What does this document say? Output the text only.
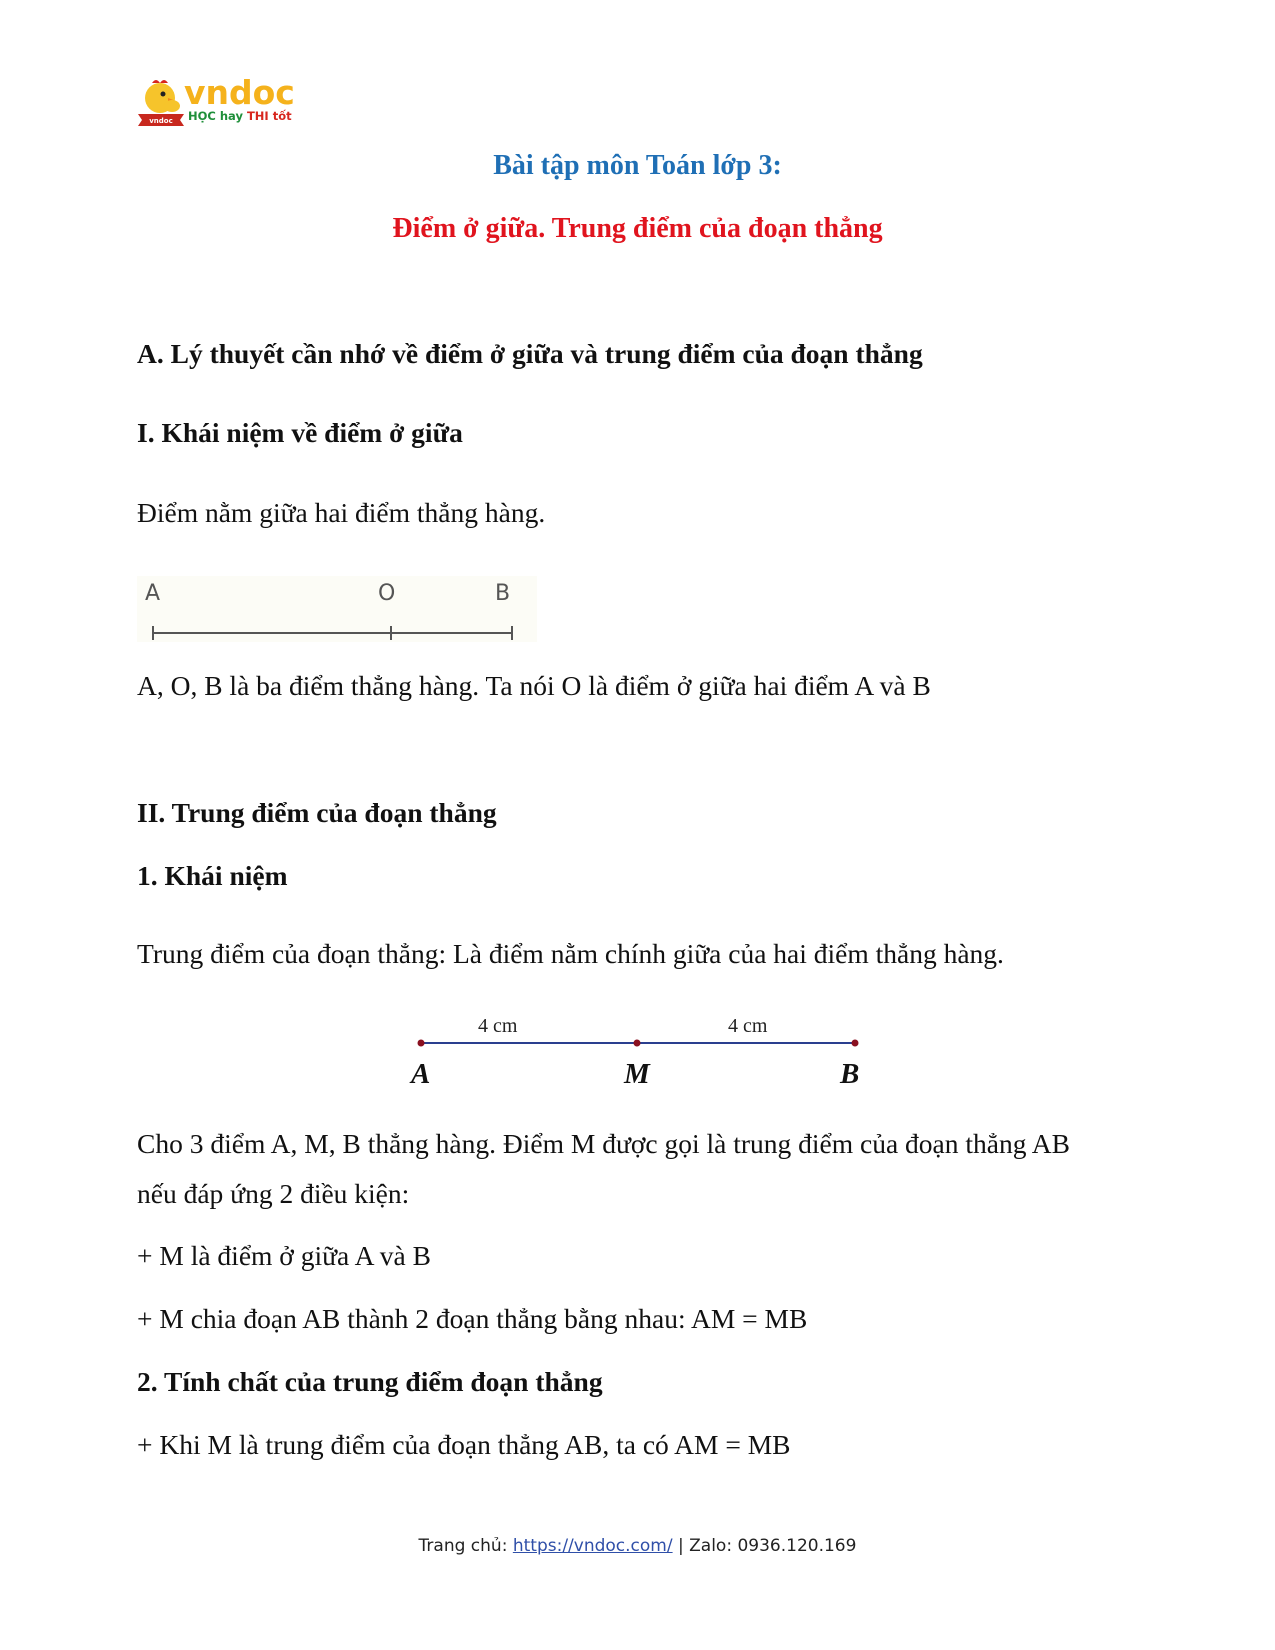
vndoc
vndoc
HỌC hay THI tốt
Bài tập môn Toán lớp 3:
Điểm ở giữa. Trung điểm của đoạn thẳng
A. Lý thuyết cần nhớ về điểm ở giữa và trung điểm của đoạn thẳng
I. Khái niệm về điểm ở giữa
Điểm nằm giữa hai điểm thẳng hàng.
A	O	B
A, O, B là ba điểm thẳng hàng. Ta nói O là điểm ở giữa hai điểm A và B
II. Trung điểm của đoạn thẳng
1. Khái niệm
Trung điểm của đoạn thẳng: Là điểm nằm chính giữa của hai điểm thẳng hàng.
4 cm	4 cm
A	M	B
Cho 3 điểm A, M, B thẳng hàng. Điểm M được gọi là trung điểm của đoạn thẳng AB
nếu đáp ứng 2 điều kiện:
+ M là điểm ở giữa A và B
+ M chia đoạn AB thành 2 đoạn thẳng bằng nhau: AM = MB
2. Tính chất của trung điểm đoạn thẳng
+ Khi M là trung điểm của đoạn thẳng AB, ta có AM = MB
Trang chủ: https://vndoc.com/ | Zalo: 0936.120.169
